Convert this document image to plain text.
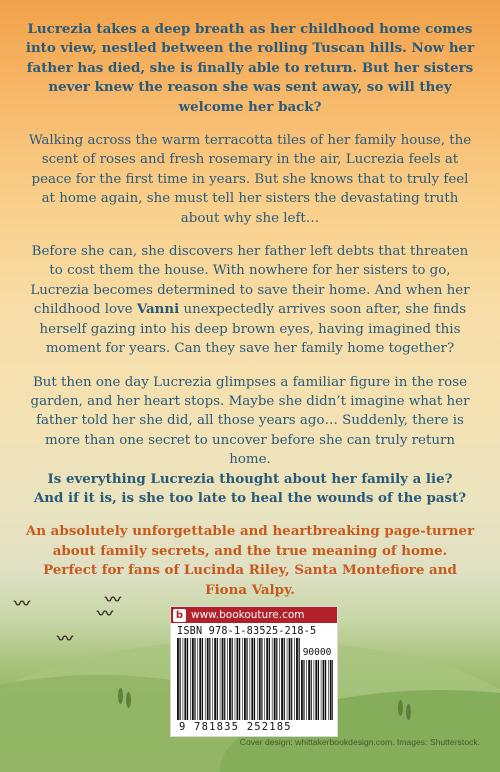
〰	〰
〰
〰

Lucrezia takes a deep breath as her childhood home comes into view, nestled between the rolling Tuscan hills. Now her father has died, she is finally able to return. But her sisters never knew the reason she was sent away, so will they welcome her back?

Walking across the warm terracotta tiles of her family house, the scent of roses and fresh rosemary in the air, Lucrezia feels at peace for the first time in years. But she knows that to truly feel at home again, she must tell her sisters the devastating truth about why she left…

Before she can, she discovers her father left debts that threaten to cost them the house. With nowhere for her sisters to go, Lucrezia becomes determined to save their home. And when her childhood love Vanni unexpectedly arrives soon after, she finds herself gazing into his deep brown eyes, having imagined this moment for years. Can they save her family home together?

But then one day Lucrezia glimpses a familiar figure in the rose garden, and her heart stops. Maybe she didn’t imagine what her father told her she did, all those years ago… Suddenly, there is more than one secret to uncover before she can truly return home.
Is everything Lucrezia thought about her family a lie?
And if it is, is she too late to heal the wounds of the past?

An absolutely unforgettable and heartbreaking page-turner about family secrets, and the true meaning of home. Perfect for fans of Lucinda Riley, Santa Montefiore and Fiona Valpy.

b www.bookouture.com
ISBN 978-1-83525-218-5
90000
9 781835 252185
Cover design: whittakerbookdesign.com. Images: Shutterstock.
